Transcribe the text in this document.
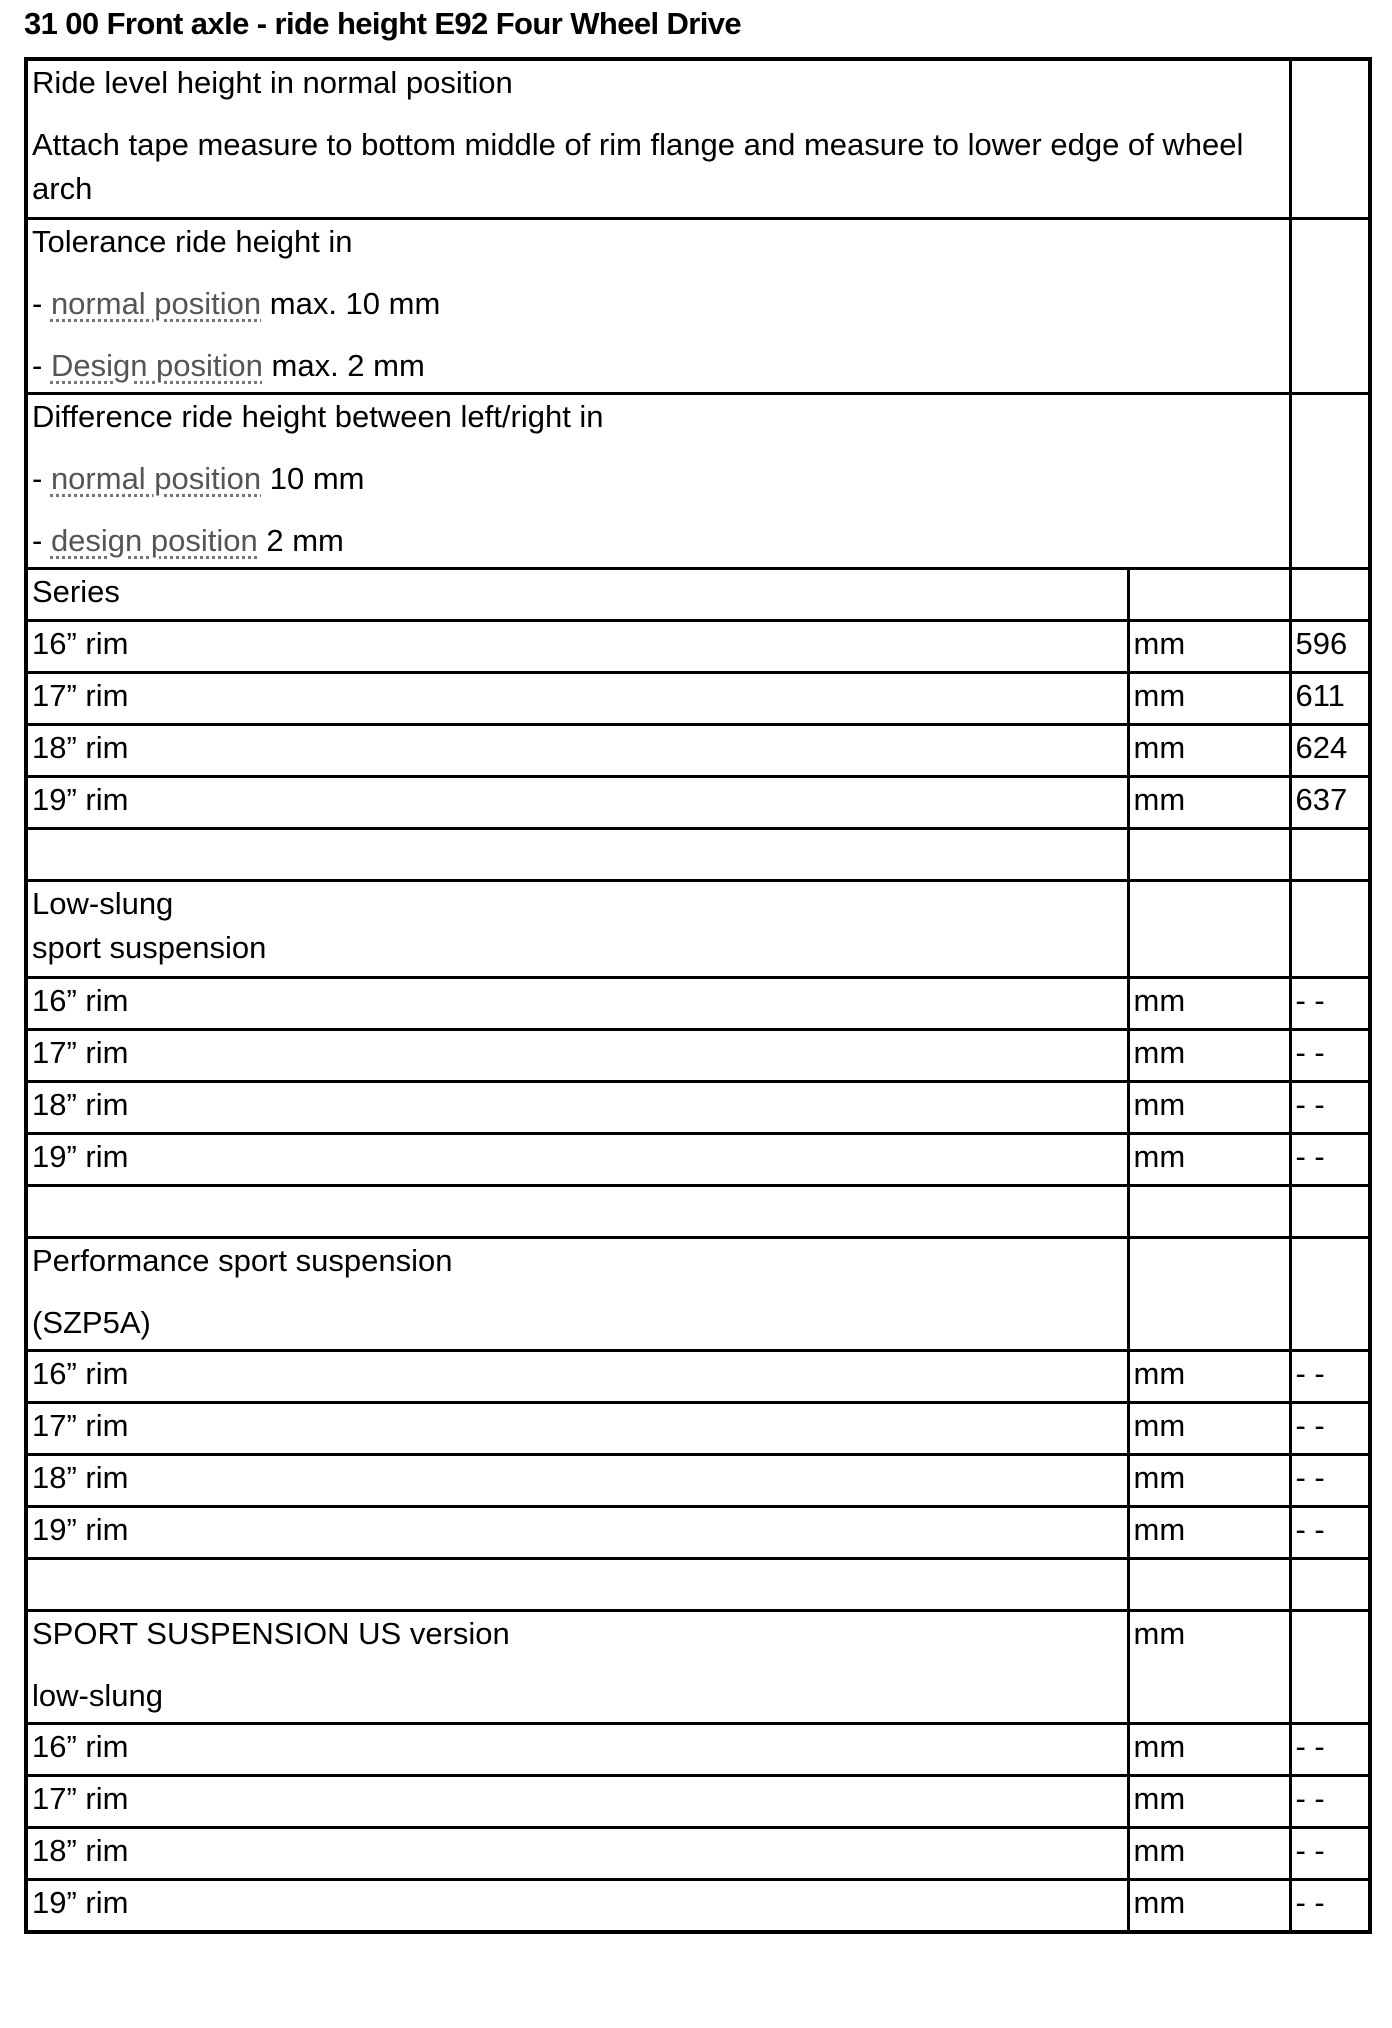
31 00 Front axle - ride height E92 Four Wheel Drive

Ride level height in normal position

Attach tape measure to bottom middle of rim flange and measure to lower edge of wheel arch		

Tolerance ride height in

- normal position max. 10 mm

- Design position max. 2 mm		

Difference ride height between left/right in

- normal position 10 mm

- design position 2 mm		

Series		
16” rim	mm	596
17” rim	mm	611
18” rim	mm	624
19” rim	mm	637

Low-slung

sport suspension		

16” rim	mm	- -
17” rim	mm	- -
18” rim	mm	- -
19” rim	mm	- -

Performance sport suspension

(SZP5A)		

16” rim	mm	- -
17” rim	mm	- -
18” rim	mm	- -
19” rim	mm	- -

SPORT SUSPENSION US version

low-slung	mm	
16” rim	mm	- -
17” rim	mm	- -
18” rim	mm	- -
19” rim	mm	- -
